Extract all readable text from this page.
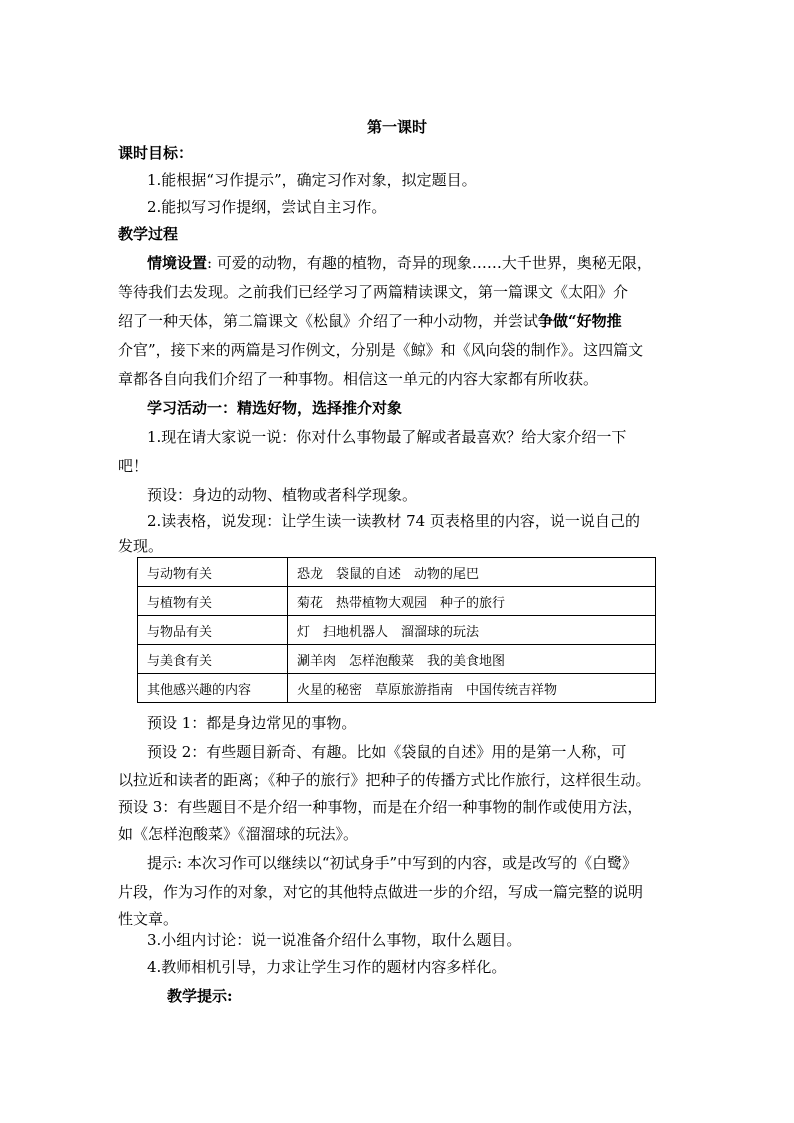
第一课时
课时目标：
1.能根据“习作提示”，确定习作对象，拟定题目。
2.能拟写习作提纲，尝试自主习作。
教学过程
情境设置: 可爱的动物，有趣的植物，奇异的现象……大千世界，奥秘无限，
等待我们去发现。之前我们已经学习了两篇精读课文，第一篇课文《太阳》介
绍了一种天体，第二篇课文《松鼠》介绍了一种小动物，并尝试争做“好物推
介官”，接下来的两篇是习作例文，分别是《鲸》和《风向袋的制作》。这四篇文
章都各自向我们介绍了一种事物。相信这一单元的内容大家都有所收获。
学习活动一：精选好物，选择推介对象
1.现在请大家说一说：你对什么事物最了解或者最喜欢？给大家介绍一下
吧！
预设：身边的动物、植物或者科学现象。
2.读表格，说发现：让学生读一读教材 74 页表格里的内容，说一说自己的
发现。
与动物有关	恐龙　袋鼠的自述　动物的尾巴
与植物有关	菊花　热带植物大观园　种子的旅行
与物品有关	灯　扫地机器人　溜溜球的玩法
与美食有关	涮羊肉　怎样泡酸菜　我的美食地图
其他感兴趣的内容	火星的秘密　草原旅游指南　中国传统吉祥物
预设 1：都是身边常见的事物。
预设 2：有些题目新奇、有趣。比如《袋鼠的自述》用的是第一人称，可
以拉近和读者的距离；《种子的旅行》把种子的传播方式比作旅行，这样很生动。
预设 3：有些题目不是介绍一种事物，而是在介绍一种事物的制作或使用方法，
如《怎样泡酸菜》《溜溜球的玩法》。
提示: 本次习作可以继续以“初试身手”中写到的内容，或是改写的《白鹭》
片段，作为习作的对象，对它的其他特点做进一步的介绍，写成一篇完整的说明
性文章。
3.小组内讨论：说一说准备介绍什么事物，取什么题目。
4.教师相机引导，力求让学生习作的题材内容多样化。
教学提示:
